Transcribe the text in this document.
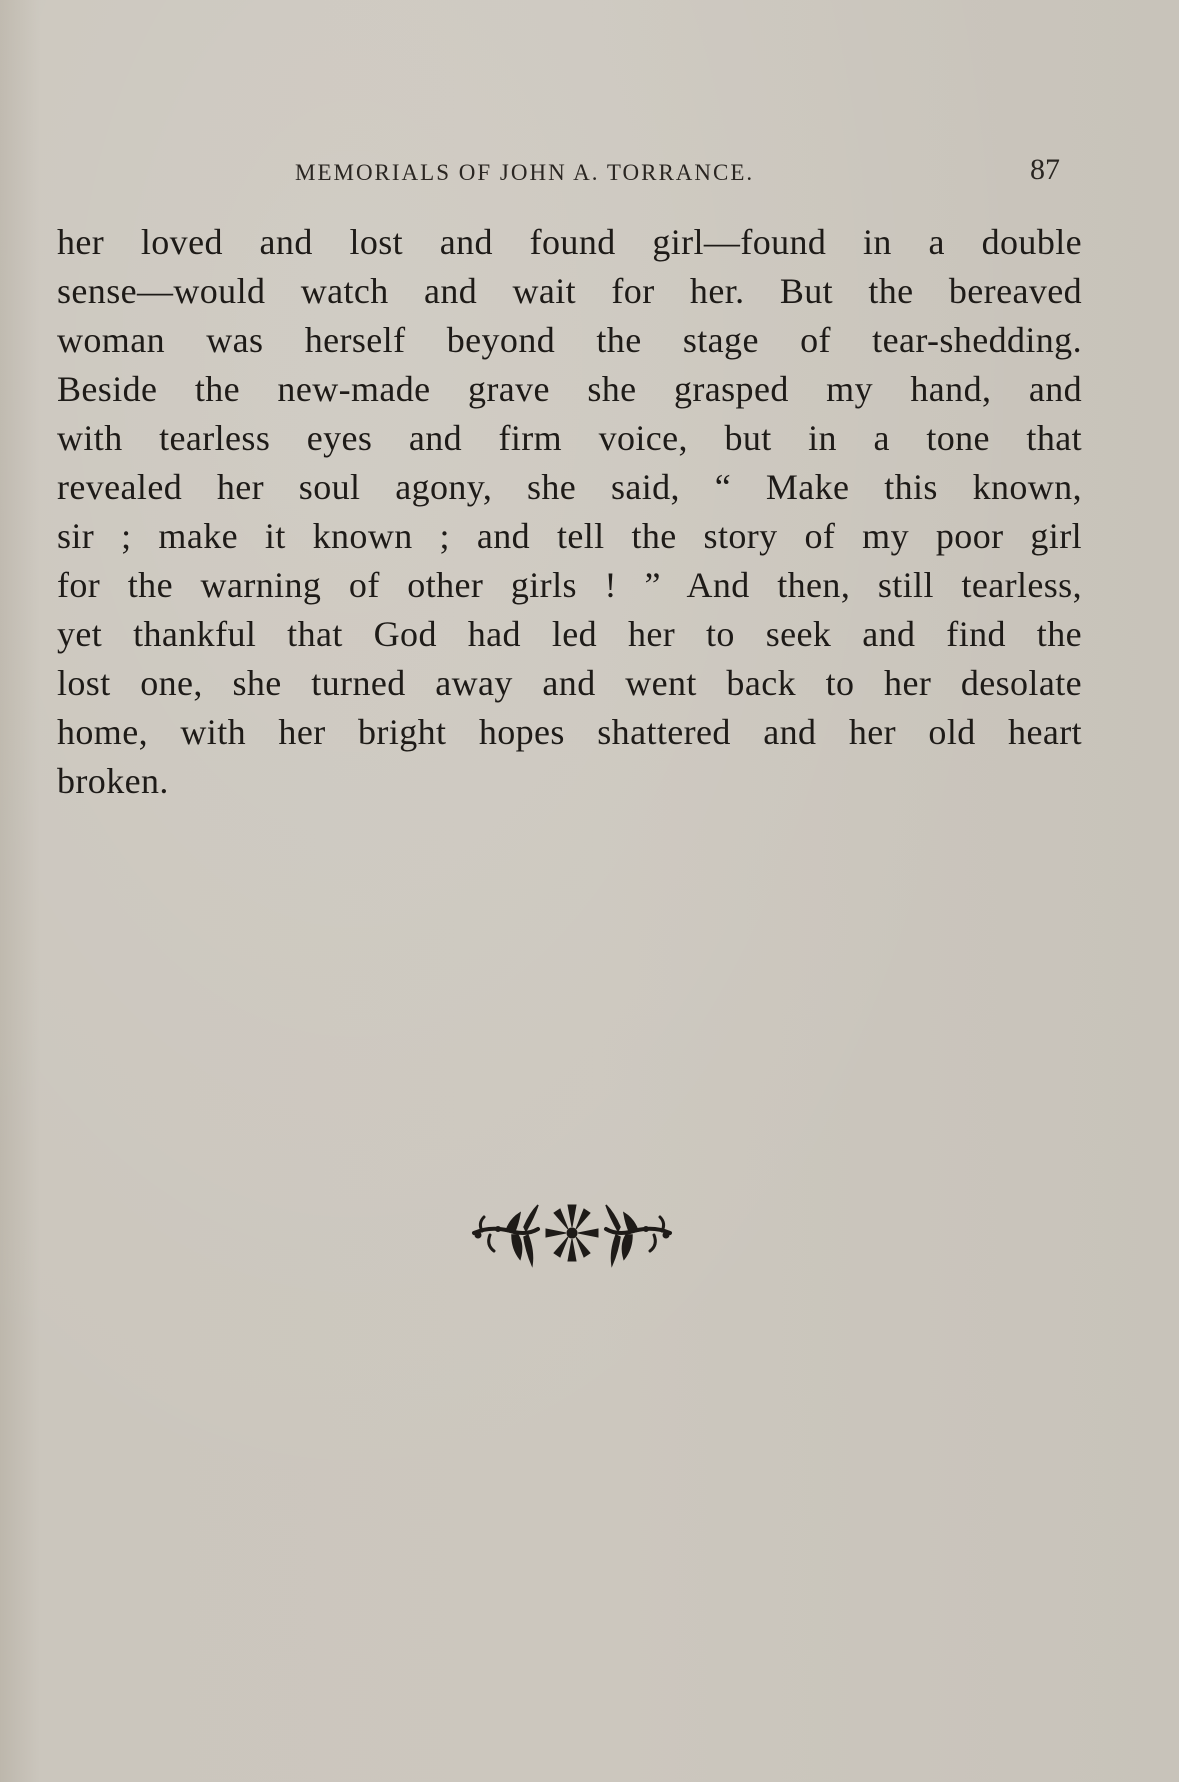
MEMORIALS OF JOHN A. TORRANCE.	87
her loved and lost and found girl—found in a double
sense—would watch and wait for her. But the bereaved
woman was herself beyond the stage of tear-shedding.
Beside the new-made grave she grasped my hand, and
with tearless eyes and firm voice, but in a tone that
revealed her soul agony, she said, “ Make this known,
sir ; make it known ; and tell the story of my poor girl
for the warning of other girls ! ” And then, still tearless,
yet thankful that God had led her to seek and find the
lost one, she turned away and went back to her desolate
home, with her bright hopes shattered and her old heart
broken.
